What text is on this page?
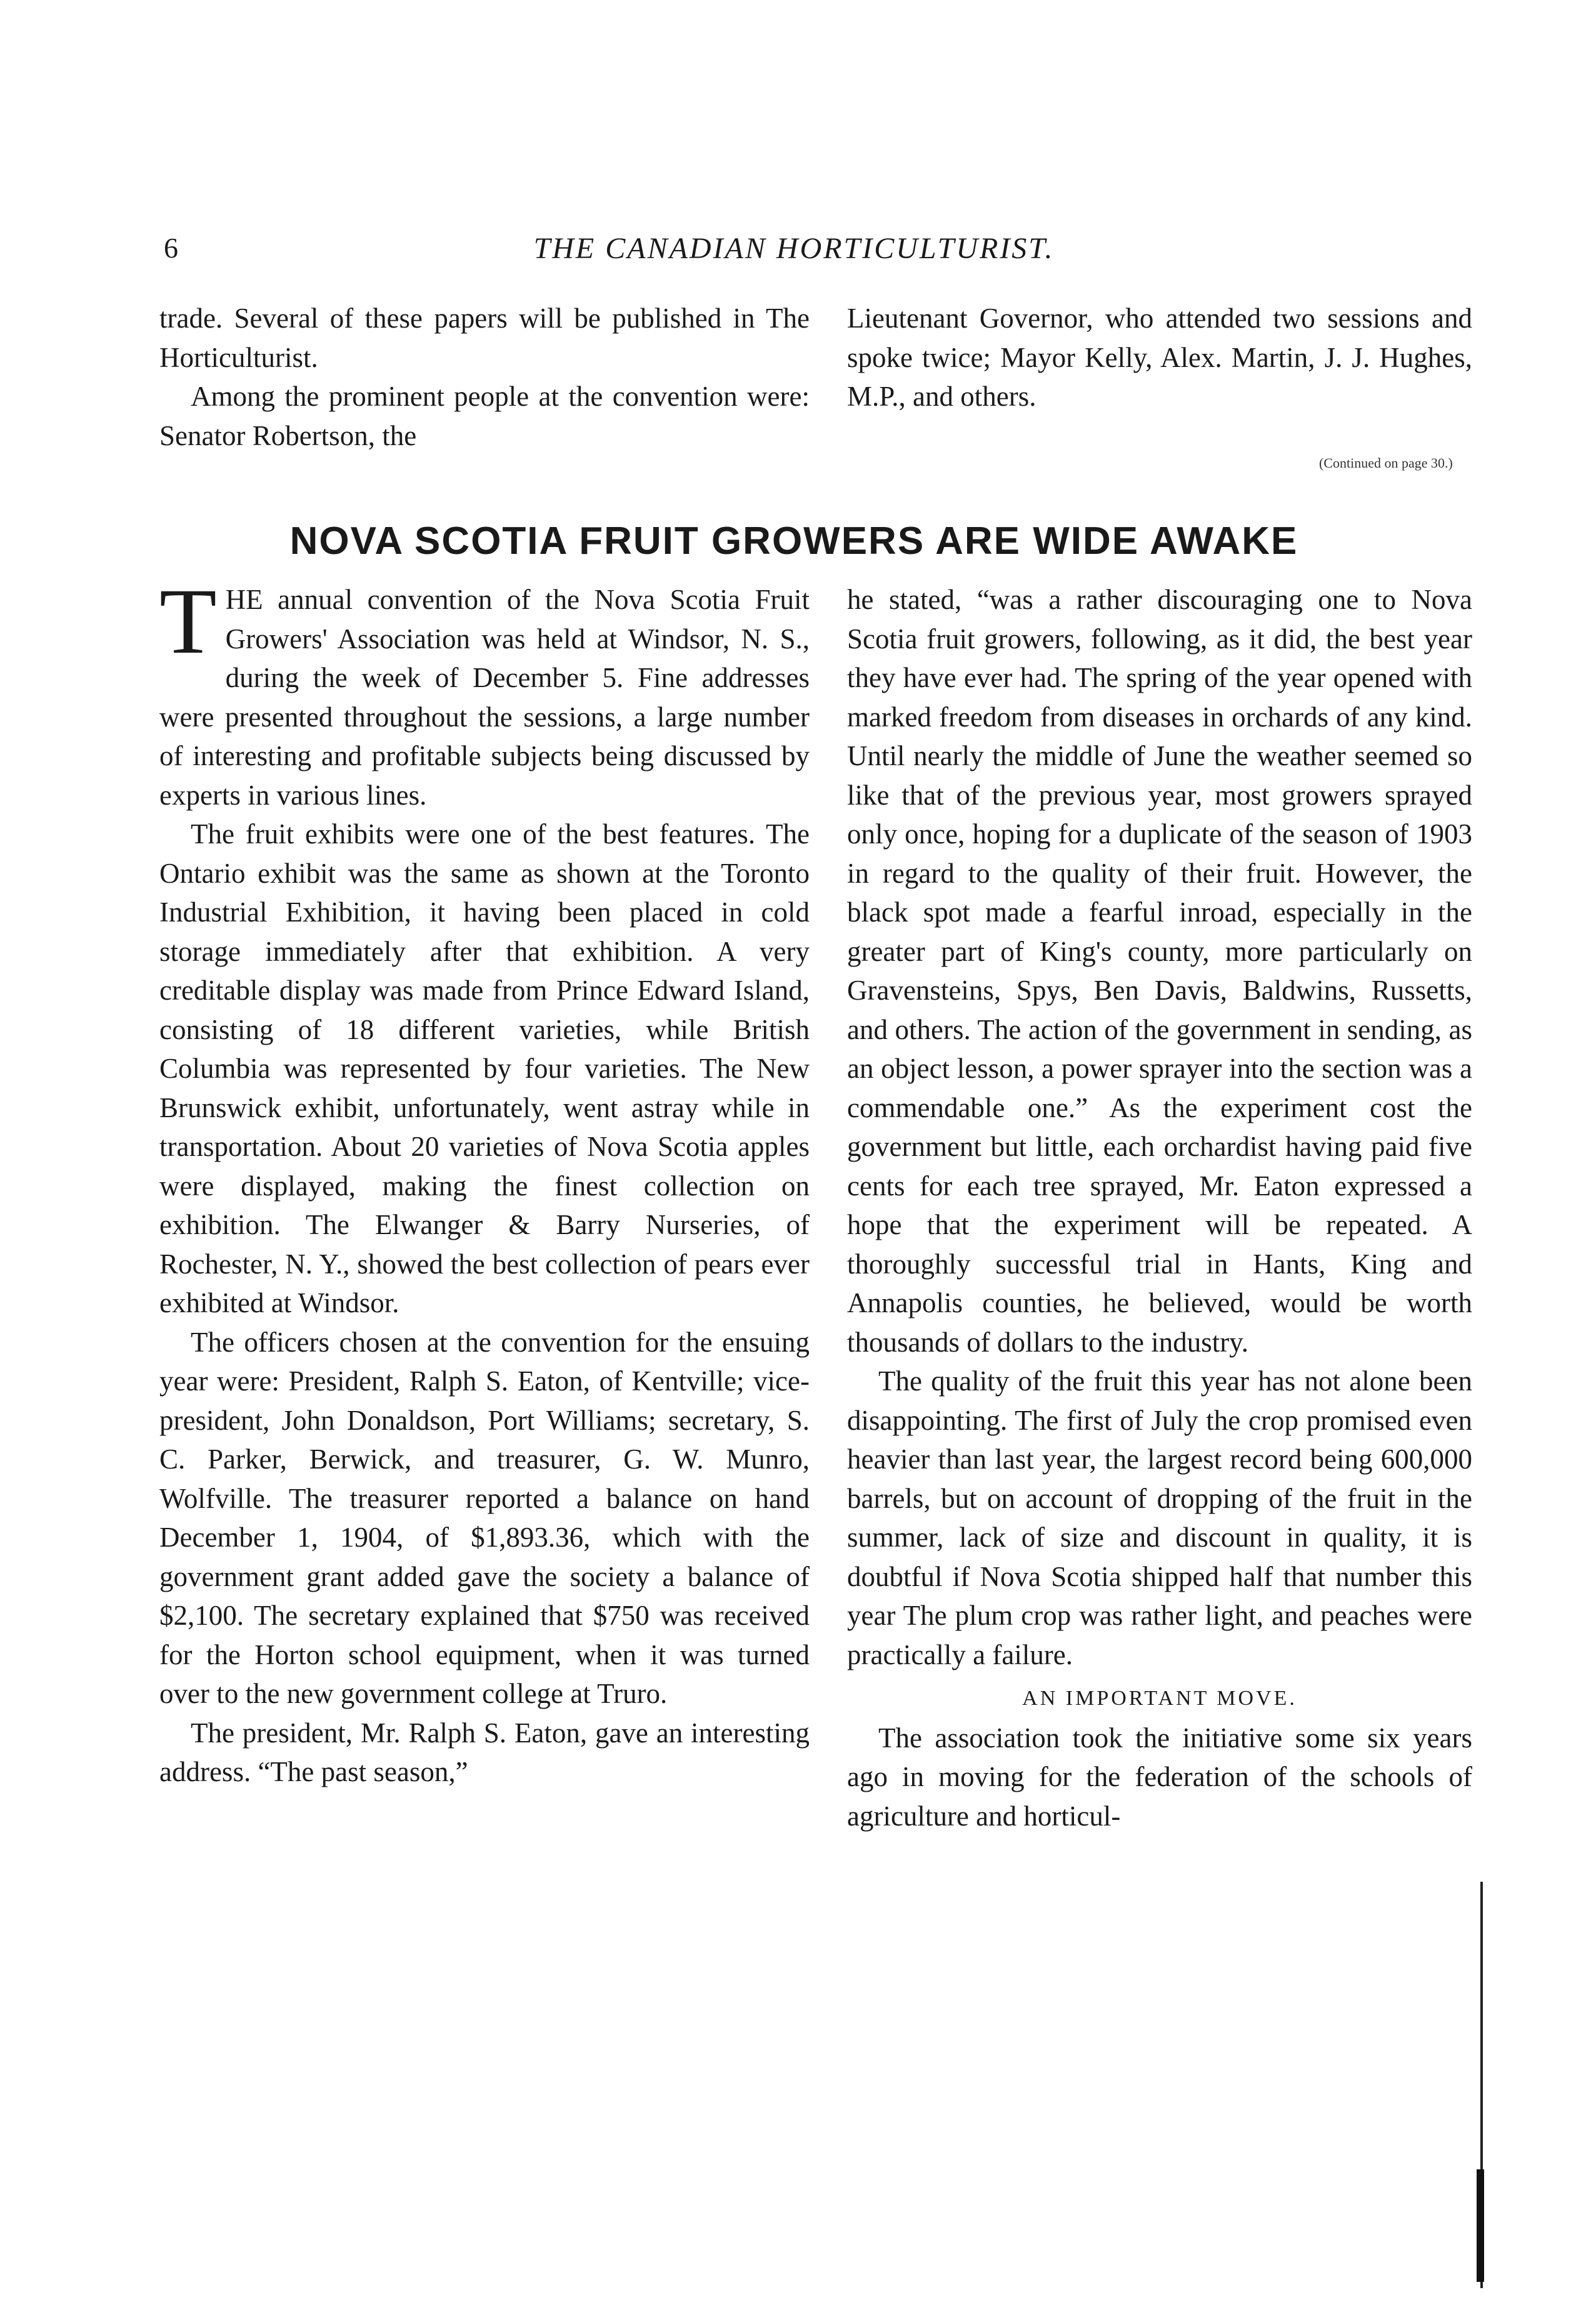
6	THE CANADIAN HORTICULTURIST.

trade. Several of these papers will be published in The Horticulturist.

Among the prominent people at the convention were: Senator Robertson, the

Lieutenant Governor, who attended two sessions and spoke twice; Mayor Kelly, Alex. Martin, J. J. Hughes, M.P., and others.

(Continued on page 30.)
NOVA SCOTIA FRUIT GROWERS ARE WIDE AWAKE

THE annual convention of the Nova Scotia Fruit Growers' Association was held at Windsor, N. S., during the week of December 5. Fine addresses were presented throughout the sessions, a large number of interesting and profitable subjects being discussed by experts in various lines.

The fruit exhibits were one of the best features. The Ontario exhibit was the same as shown at the Toronto Industrial Exhibition, it having been placed in cold storage immediately after that exhibition. A very creditable display was made from Prince Edward Island, consisting of 18 different varieties, while British Columbia was represented by four varieties. The New Brunswick exhibit, unfortunately, went astray while in transportation. About 20 varieties of Nova Scotia apples were displayed, making the finest collection on exhibition. The Elwanger & Barry Nurseries, of Rochester, N. Y., showed the best collection of pears ever exhibited at Windsor.

The officers chosen at the convention for the ensuing year were: President, Ralph S. Eaton, of Kentville; vice-president, John Donaldson, Port Williams; secretary, S. C. Parker, Berwick, and treasurer, G. W. Munro, Wolfville. The treasurer reported a balance on hand December 1, 1904, of $1,893.36, which with the government grant added gave the society a balance of $2,100. The secretary explained that $750 was received for the Horton school equipment, when it was turned over to the new government college at Truro.

The president, Mr. Ralph S. Eaton, gave an interesting address. “The past season,”

he stated, “was a rather discouraging one to Nova Scotia fruit growers, following, as it did, the best year they have ever had. The spring of the year opened with marked freedom from diseases in orchards of any kind. Until nearly the middle of June the weather seemed so like that of the previous year, most growers sprayed only once, hoping for a duplicate of the season of 1903 in regard to the quality of their fruit. However, the black spot made a fearful inroad, especially in the greater part of King's county, more particularly on Gravensteins, Spys, Ben Davis, Baldwins, Russetts, and others. The action of the government in sending, as an object lesson, a power sprayer into the section was a commendable one.” As the experiment cost the government but little, each orchardist having paid five cents for each tree sprayed, Mr. Eaton expressed a hope that the experiment will be repeated. A thoroughly successful trial in Hants, King and Annapolis counties, he believed, would be worth thousands of dollars to the industry.

The quality of the fruit this year has not alone been disappointing. The first of July the crop promised even heavier than last year, the largest record being 600,000 barrels, but on account of dropping of the fruit in the summer, lack of size and discount in quality, it is doubtful if Nova Scotia shipped half that number this year The plum crop was rather light, and peaches were practically a failure.

AN IMPORTANT MOVE.

The association took the initiative some six years ago in moving for the federation of the schools of agriculture and horticul-
